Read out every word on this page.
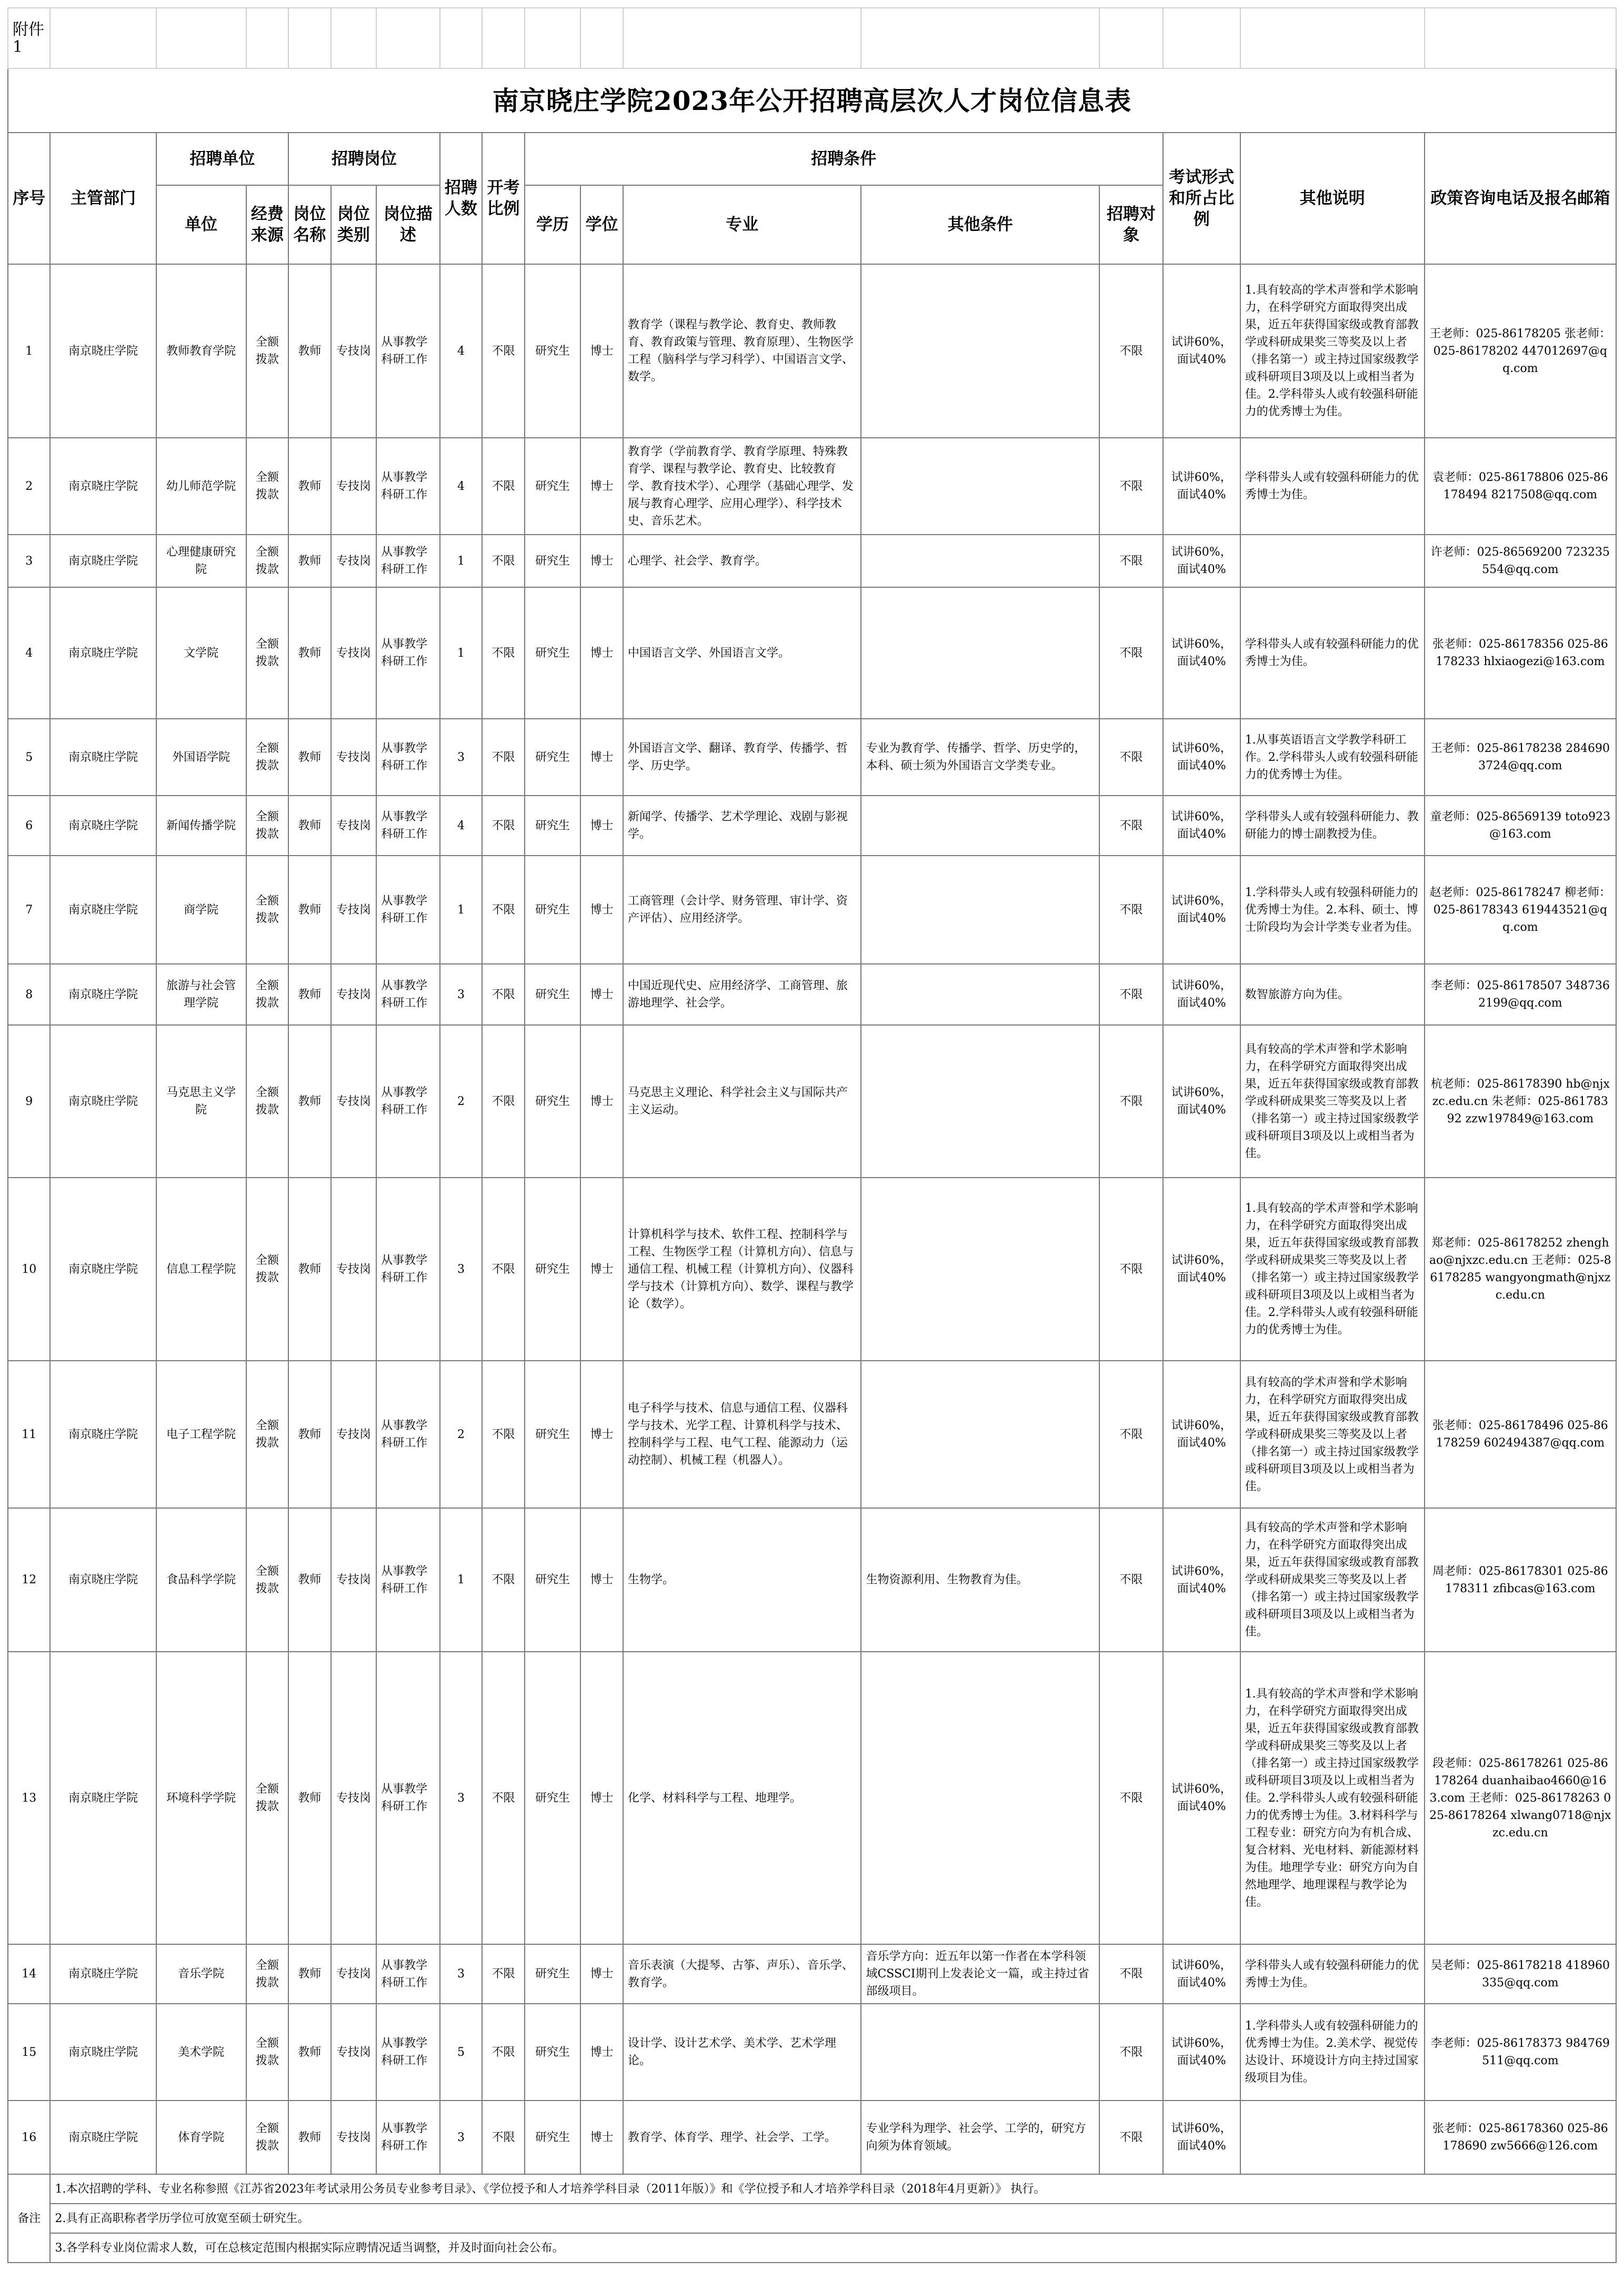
附件1																
南京晓庄学院2023年公开招聘高层次人才岗位信息表																
序号	主管部门	招聘单位		招聘岗位			招聘人数	开考比例	招聘条件					考试形式和所占比例	其他说明	政策咨询电话及报名邮箱
		单位	经费来源	岗位名称	岗位类别	岗位描述			学历	学位	专业	其他条件	招聘对象			
1	南京晓庄学院	教师教育学院	全额拨款	教师	专技岗	从事教学科研工作	4	不限	研究生	博士	教育学（课程与教学论、教育史、教师教育、教育政策与管理、教育原理）、生物医学工程（脑科学与学习科学）、中国语言文学、数学。		不限	试讲60%，面试40%	1.具有较高的学术声誉和学术影响力，在科学研究方面取得突出成果，近五年获得国家级或教育部教学或科研成果奖三等奖及以上者（排名第一）或主持过国家级教学或科研项目3项及以上或相当者为佳。2.学科带头人或有较强科研能力的优秀博士为佳。	王老师：025-86178205 张老师：025-86178202 447012697@qq.com
2	南京晓庄学院	幼儿师范学院	全额拨款	教师	专技岗	从事教学科研工作	4	不限	研究生	博士	教育学（学前教育学、教育学原理、特殊教育学、课程与教学论、教育史、比较教育学、教育技术学）、心理学（基础心理学、发展与教育心理学、应用心理学）、科学技术史、音乐艺术。		不限	试讲60%，面试40%	学科带头人或有较强科研能力的优秀博士为佳。	袁老师：025-86178806 025-86178494 8217508@qq.com
3	南京晓庄学院	心理健康研究院	全额拨款	教师	专技岗	从事教学科研工作	1	不限	研究生	博士	心理学、社会学、教育学。		不限	试讲60%，面试40%		许老师：025-86569200 723235554@qq.com
4	南京晓庄学院	文学院	全额拨款	教师	专技岗	从事教学科研工作	1	不限	研究生	博士	中国语言文学、外国语言文学。		不限	试讲60%，面试40%	学科带头人或有较强科研能力的优秀博士为佳。	张老师：025-86178356 025-86178233 hlxiaogezi@163.com
5	南京晓庄学院	外国语学院	全额拨款	教师	专技岗	从事教学科研工作	3	不限	研究生	博士	外国语言文学、翻译、教育学、传播学、哲学、历史学。	专业为教育学、传播学、哲学、历史学的，本科、硕士须为外国语言文学类专业。	不限	试讲60%，面试40%	1.从事英语语言文学教学科研工作。2.学科带头人或有较强科研能力的优秀博士为佳。	王老师：025-86178238 2846903724@qq.com
6	南京晓庄学院	新闻传播学院	全额拨款	教师	专技岗	从事教学科研工作	4	不限	研究生	博士	新闻学、传播学、艺术学理论、戏剧与影视学。		不限	试讲60%，面试40%	学科带头人或有较强科研能力、教研能力的博士副教授为佳。	童老师：025-86569139 toto923@163.com
7	南京晓庄学院	商学院	全额拨款	教师	专技岗	从事教学科研工作	1	不限	研究生	博士	工商管理（会计学、财务管理、审计学、资产评估）、应用经济学。		不限	试讲60%，面试40%	1.学科带头人或有较强科研能力的优秀博士为佳。2.本科、硕士、博士阶段均为会计学类专业者为佳。	赵老师：025-86178247 柳老师：025-86178343 619443521@qq.com
8	南京晓庄学院	旅游与社会管理学院	全额拨款	教师	专技岗	从事教学科研工作	3	不限	研究生	博士	中国近现代史、应用经济学、工商管理、旅游地理学、社会学。		不限	试讲60%，面试40%	数智旅游方向为佳。	李老师：025-86178507 3487362199@qq.com
9	南京晓庄学院	马克思主义学院	全额拨款	教师	专技岗	从事教学科研工作	2	不限	研究生	博士	马克思主义理论、科学社会主义与国际共产主义运动。		不限	试讲60%，面试40%	具有较高的学术声誉和学术影响力，在科学研究方面取得突出成果，近五年获得国家级或教育部教学或科研成果奖三等奖及以上者（排名第一）或主持过国家级教学或科研项目3项及以上或相当者为佳。	杭老师：025-86178390 hb@njxzc.edu.cn 朱老师：025-86178392 zzw197849@163.com
10	南京晓庄学院	信息工程学院	全额拨款	教师	专技岗	从事教学科研工作	3	不限	研究生	博士	计算机科学与技术、软件工程、控制科学与工程、生物医学工程（计算机方向）、信息与通信工程、机械工程（计算机方向）、仪器科学与技术（计算机方向）、数学、课程与教学论（数学）。		不限	试讲60%，面试40%	1.具有较高的学术声誉和学术影响力，在科学研究方面取得突出成果，近五年获得国家级或教育部教学或科研成果奖三等奖及以上者（排名第一）或主持过国家级教学或科研项目3项及以上或相当者为佳。2.学科带头人或有较强科研能力的优秀博士为佳。	郑老师：025-86178252 zhenghao@njxzc.edu.cn 王老师：025-86178285 wangyongmath@njxzc.edu.cn
11	南京晓庄学院	电子工程学院	全额拨款	教师	专技岗	从事教学科研工作	2	不限	研究生	博士	电子科学与技术、信息与通信工程、仪器科学与技术、光学工程、计算机科学与技术、控制科学与工程、电气工程、能源动力（运动控制）、机械工程（机器人）。		不限	试讲60%，面试40%	具有较高的学术声誉和学术影响力，在科学研究方面取得突出成果，近五年获得国家级或教育部教学或科研成果奖三等奖及以上者（排名第一）或主持过国家级教学或科研项目3项及以上或相当者为佳。	张老师：025-86178496 025-86178259 602494387@qq.com
12	南京晓庄学院	食品科学学院	全额拨款	教师	专技岗	从事教学科研工作	1	不限	研究生	博士	生物学。	生物资源利用、生物教育为佳。	不限	试讲60%，面试40%	具有较高的学术声誉和学术影响力，在科学研究方面取得突出成果，近五年获得国家级或教育部教学或科研成果奖三等奖及以上者（排名第一）或主持过国家级教学或科研项目3项及以上或相当者为佳。	周老师：025-86178301 025-86178311 zfibcas@163.com
13	南京晓庄学院	环境科学学院	全额拨款	教师	专技岗	从事教学科研工作	3	不限	研究生	博士	化学、材料科学与工程、地理学。		不限	试讲60%，面试40%	1.具有较高的学术声誉和学术影响力，在科学研究方面取得突出成果，近五年获得国家级或教育部教学或科研成果奖三等奖及以上者（排名第一）或主持过国家级教学或科研项目3项及以上或相当者为佳。2.学科带头人或有较强科研能力的优秀博士为佳。3.材料科学与工程专业：研究方向为有机合成、复合材料、光电材料、新能源材料为佳。地理学专业：研究方向为自然地理学、地理课程与教学论为佳。	段老师：025-86178261 025-86178264 duanhaibao4660@163.com 王老师：025-86178263 025-86178264 xlwang0718@njxzc.edu.cn
14	南京晓庄学院	音乐学院	全额拨款	教师	专技岗	从事教学科研工作	3	不限	研究生	博士	音乐表演（大提琴、古筝、声乐）、音乐学、教育学。	音乐学方向：近五年以第一作者在本学科领域CSSCI期刊上发表论文一篇，或主持过省部级项目。	不限	试讲60%，面试40%	学科带头人或有较强科研能力的优秀博士为佳。	吴老师：025-86178218 418960335@qq.com
15	南京晓庄学院	美术学院	全额拨款	教师	专技岗	从事教学科研工作	5	不限	研究生	博士	设计学、设计艺术学、美术学、艺术学理论。		不限	试讲60%，面试40%	1.学科带头人或有较强科研能力的优秀博士为佳。2.美术学、视觉传达设计、环境设计方向主持过国家级项目为佳。	李老师：025-86178373 984769511@qq.com
16	南京晓庄学院	体育学院	全额拨款	教师	专技岗	从事教学科研工作	3	不限	研究生	博士	教育学、体育学、理学、社会学、工学。	专业学科为理学、社会学、工学的，研究方向须为体育领域。	不限	试讲60%，面试40%		张老师：025-86178360 025-86178690 zw5666@126.com
备注	1.本次招聘的学科、专业名称参照《江苏省2023年考试录用公务员专业参考目录》、《学位授予和人才培养学科目录（2011年版）》和《学位授予和人才培养学科目录（2018年4月更新）》 执行。															
	2.具有正高职称者学历学位可放宽至硕士研究生。															
	3.各学科专业岗位需求人数，可在总核定范围内根据实际应聘情况适当调整，并及时面向社会公布。															
